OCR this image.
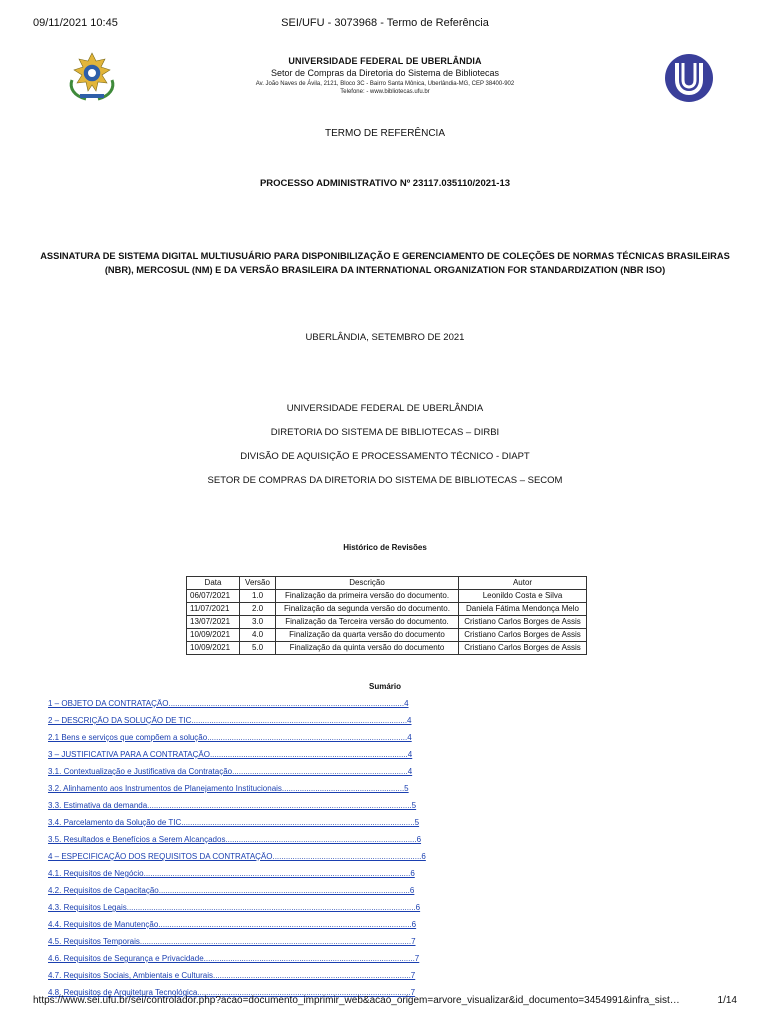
09/11/2021 10:45	SEI/UFU - 3073968 - Termo de Referência
UNIVERSIDADE FEDERAL DE UBERLÂNDIA
Setor de Compras da Diretoria do Sistema de Bibliotecas
Av. João Naves de Ávila, 2121, Bloco 3C - Bairro Santa Mônica, Uberlândia-MG, CEP 38400-902
Telefone: - www.bibliotecas.ufu.br
TERMO DE REFERÊNCIA
PROCESSO ADMINISTRATIVO Nº 23117.035110/2021-13
ASSINATURA DE SISTEMA DIGITAL MULTIUSUÁRIO PARA DISPONIBILIZAÇÃO E GERENCIAMENTO DE COLEÇÕES DE NORMAS TÉCNICAS BRASILEIRAS
(NBR), MERCOSUL (NM) E DA VERSÃO BRASILEIRA DA INTERNATIONAL ORGANIZATION FOR STANDARDIZATION (NBR ISO)
UBERLÂNDIA, SETEMBRO DE 2021
UNIVERSIDADE FEDERAL DE UBERLÂNDIA
DIRETORIA DO SISTEMA DE BIBLIOTECAS – DIRBI
DIVISÃO DE AQUISIÇÃO E PROCESSAMENTO TÉCNICO - DIAPT
SETOR DE COMPRAS DA DIRETORIA DO SISTEMA DE BIBLIOTECAS – SECOM
Histórico de Revisões
Data	Versão	Descrição	Autor
06/07/2021	1.0	Finalização da primeira versão do documento.	Leonildo Costa e Silva
11/07/2021	2.0	Finalização da segunda versão do documento.	Daniela Fátima Mendonça Melo
13/07/2021	3.0	Finalização da Terceira versão do documento.	Cristiano Carlos Borges de Assis
10/09/2021	4.0	Finalização da quarta versão do documento	Cristiano Carlos Borges de Assis
10/09/2021	5.0	Finalização da quinta versão do documento	Cristiano Carlos Borges de Assis
Sumário
1 – OBJETO DA CONTRATAÇÃO..........................................................................................................4
2 – DESCRIÇÃO DA SOLUÇÃO DE TIC.................................................................................................4
2.1 Bens e serviços que compõem a solução..........................................................................................4
3 – JUSTIFICATIVA PARA A CONTRATAÇÃO.........................................................................................4
3.1. Contextualização e Justificativa da Contratação...............................................................................4
3.2. Alinhamento aos Instrumentos de Planejamento Institucionais.......................................................5
3.3. Estimativa da demanda.......................................................................................................................5
3.4. Parcelamento da Solução de TIC.........................................................................................................5
3.5. Resultados e Benefícios a Serem Alcançados......................................................................................6
4 – ESPECIFICAÇÃO DOS REQUISITOS DA CONTRATAÇÃO...................................................................6
4.1. Requisitos de Negócio........................................................................................................................6
4.2. Requisitos de Capacitação.................................................................................................................6
4.3. Requisitos Legais..................................................................................................................................6
4.4. Requisitos de Manutenção..................................................................................................................6
4.5. Requisitos Temporais..........................................................................................................................7
4.6. Requisitos de Segurança e Privacidade...............................................................................................7
4.7. Requisitos Sociais, Ambientais e Culturais.........................................................................................7
4.8. Requisitos de Arquitetura Tecnológica................................................................................................7
https://www.sei.ufu.br/sei/controlador.php?acao=documento_imprimir_web&acao_origem=arvore_visualizar&id_documento=3454991&infra_sist…	1/14
